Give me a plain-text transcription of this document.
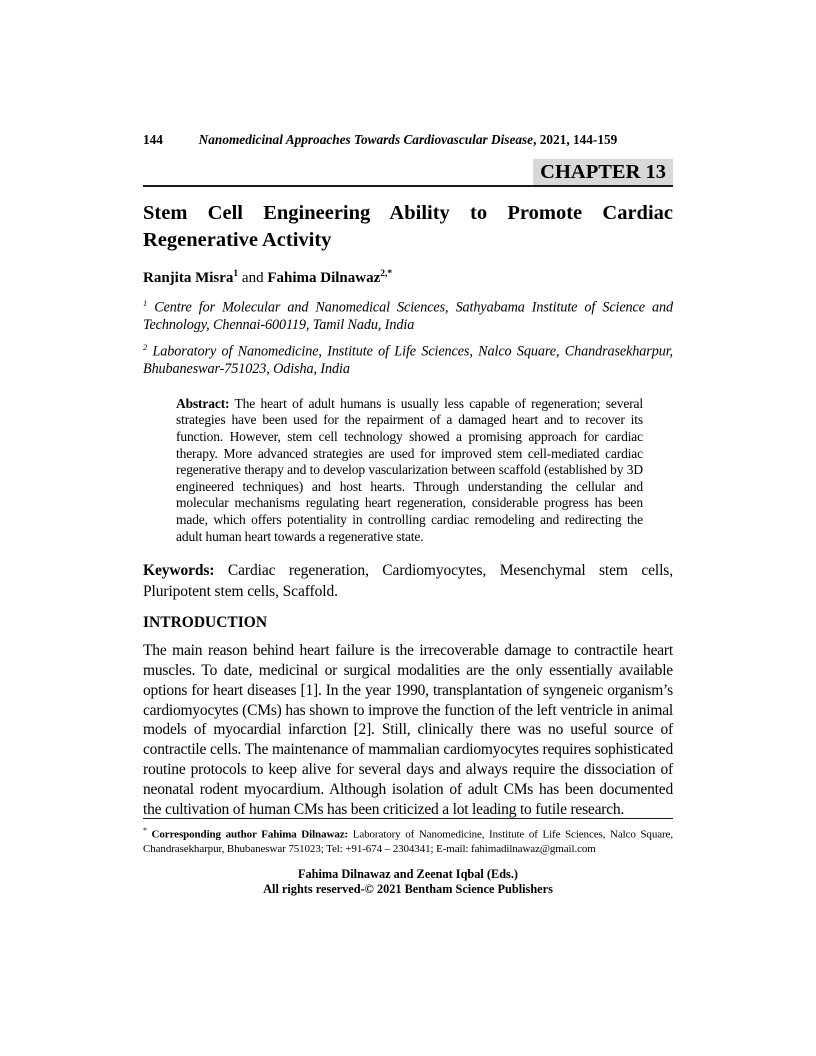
144	Nanomedicinal Approaches Towards Cardiovascular Disease, 2021, 144-159
CHAPTER 13
Stem Cell Engineering Ability to Promote Cardiac Regenerative Activity

Ranjita Misra$^1$ and Fahima Dilnawaz$^{2,*}$

$^1$ Centre for Molecular and Nanomedical Sciences, Sathyabama Institute of Science and Technology, Chennai-600119, Tamil Nadu, India

$^2$ Laboratory of Nanomedicine, Institute of Life Sciences, Nalco Square, Chandrasekharpur, Bhubaneswar-751023, Odisha, India

Abstract: The heart of adult humans is usually less capable of regeneration; several strategies have been used for the repairment of a damaged heart and to recover its function. However, stem cell technology showed a promising approach for cardiac therapy. More advanced strategies are used for improved stem cell-mediated cardiac regenerative therapy and to develop vascularization between scaffold (established by 3D engineered techniques) and host hearts. Through understanding the cellular and molecular mechanisms regulating heart regeneration, considerable progress has been made, which offers potentiality in controlling cardiac remodeling and redirecting the adult human heart towards a regenerative state.

Keywords: Cardiac regeneration, Cardiomyocytes, Mesenchymal stem cells, Pluripotent stem cells, Scaffold.

INTRODUCTION

The main reason behind heart failure is the irrecoverable damage to contractile heart muscles. To date, medicinal or surgical modalities are the only essentially available options for heart diseases [1]. In the year 1990, transplantation of syngeneic organism’s cardiomyocytes (CMs) has shown to improve the function of the left ventricle in animal models of myocardial infarction [2]. Still, clinically there was no useful source of contractile cells. The maintenance of mammalian cardiomyocytes requires sophisticated routine protocols to keep alive for several days and always require the dissociation of neonatal rodent myocardium. Although isolation of adult CMs has been documented the cultivation of human CMs has been criticized a lot leading to futile research.

* Corresponding author Fahima Dilnawaz: Laboratory of Nanomedicine, Institute of Life Sciences, Nalco Square, Chandrasekharpur, Bhubaneswar 751023; Tel: +91-674 – 2304341; E-mail: fahimadilnawaz@gmail.com

Fahima Dilnawaz and Zeenat Iqbal (Eds.)
All rights reserved-© 2021 Bentham Science Publishers
